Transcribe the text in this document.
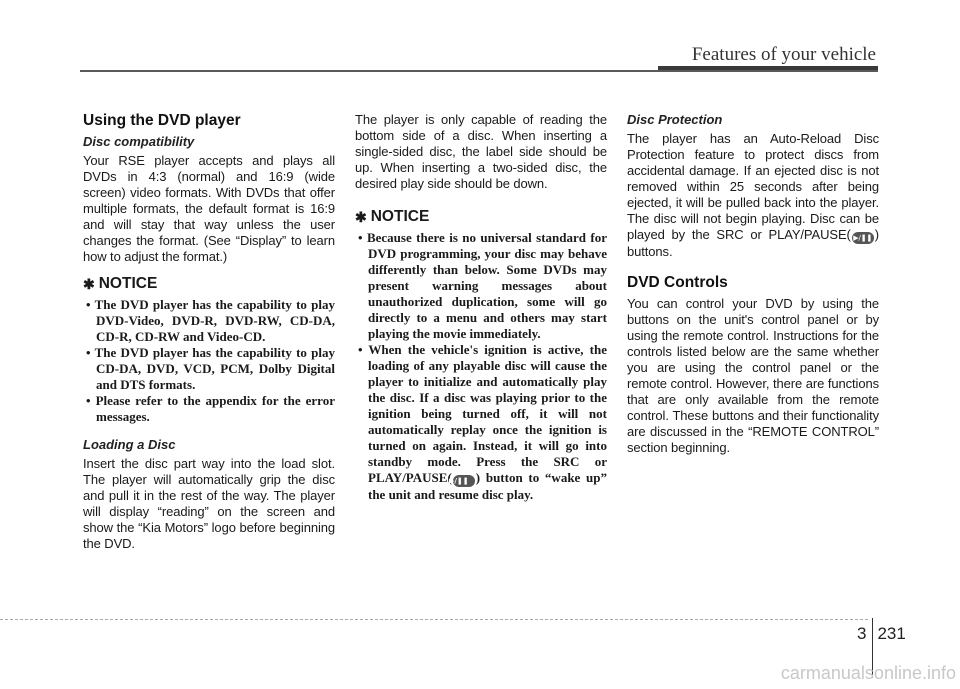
Features of your vehicle
Using the DVD player
Disc compatibility

Your RSE player accepts and plays all DVDs in 4:3 (normal) and 16:9 (wide screen) video formats. With DVDs that offer multiple formats, the default format is 16:9 and will stay that way unless the user changes the format. (See “Display” to learn how to adjust the format.)

✱ NOTICE
• The DVD player has the capability to play DVD-Video, DVD-R, DVD-RW, CD-DA, CD-R, CD-RW and Video-CD.
• The DVD player has the capability to play CD-DA, DVD, VCD, PCM, Dolby Digital and DTS formats.
• Please refer to the appendix for the error messages.
Loading a Disc

Insert the disc part way into the load slot. The player will automatically grip the disc and pull it in the rest of the way. The player will display “reading” on the screen and show the “Kia Motors” logo before beginning the DVD.

The player is only capable of reading the bottom side of a disc. When inserting a single-sided disc, the label side should be up. When inserting a two-sided disc, the desired play side should be down.

✱ NOTICE
• Because there is no universal standard for DVD programming, your disc may behave differently than below. Some DVDs may present warning messages about unauthorized duplication, some will go directly to a menu and others may start playing the movie immediately.
• When the vehicle's ignition is active, the loading of any playable disc will cause the player to initialize and automatically play the disc. If a disc was playing prior to the ignition being turned off, it will not automatically replay once the ignition is turned on again. Instead, it will go into standby mode. Press the SRC or PLAY/PAUSE(▶/❚❚ ) button to “wake up” the unit and resume disc play.
Disc Protection

The player has an Auto-Reload Disc Protection feature to protect discs from accidental damage. If an ejected disc is not removed within 25 seconds after being ejected, it will be pulled back into the player. The disc will not begin playing. Disc can be played by the SRC or PLAY/PAUSE( ▶/❚❚ ) buttons.

DVD Controls

You can control your DVD by using the buttons on the unit's control panel or by using the remote control. Instructions for the controls listed below are the same whether you are using the control panel or the remote control. However, there are functions that are only available from the remote control. These buttons and their functionality are discussed in the “REMOTE CONTROL” section beginning.

3 231
carmanualsonline.info
